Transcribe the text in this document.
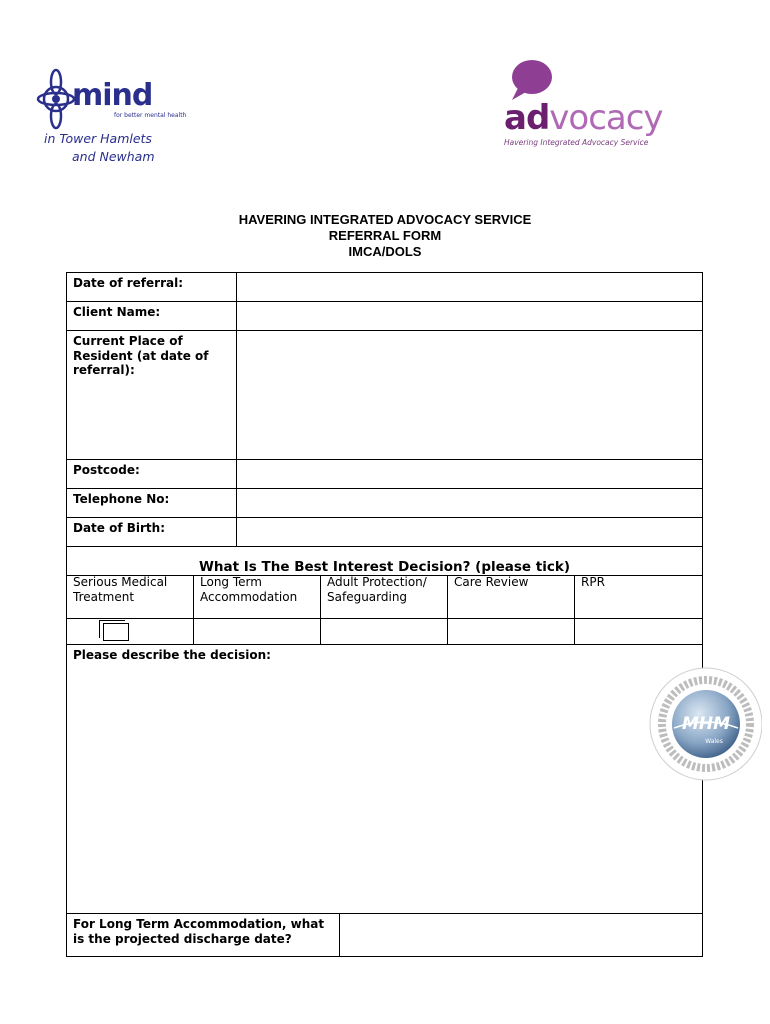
mind
for better mental health
in Tower Hamlets
and Newham
advocacy
Havering Integrated Advocacy Service
HAVERING INTEGRATED ADVOCACY SERVICE
REFERRAL FORM
IMCA/DOLS
Date of referral:
Client Name:
Current Place of Resident (at date of referral):
Postcode:
Telephone No:
Date of Birth:
What Is The Best Interest Decision? (please tick)
Serious Medical Treatment
Long Term Accommodation
Adult Protection/ Safeguarding
Care Review	RPR
Please describe the decision:
For Long Term Accommodation, what is the projected discharge date?
MHM
Wales
